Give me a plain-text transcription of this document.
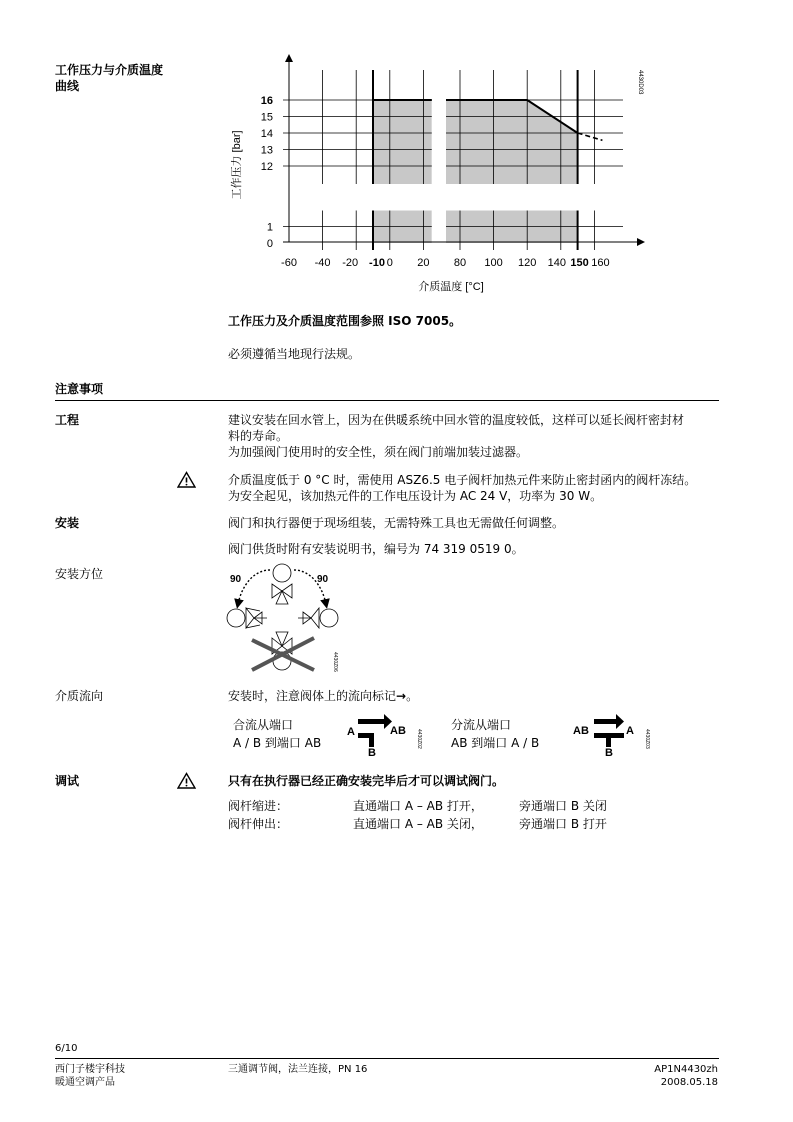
工作压力与介质温度
曲线
-60 -40 -20 -10 0 20 80 100 120 140 150 160
16
15
14
13
12
1
0
工作压力 [bar]
介质温度 [°C]
4430D03
工作压力及介质温度范围参照 ISO 7005。
必须遵循当地现行法规。
注意事项
工程	建议安装在回水管上，因为在供暖系统中回水管的温度较低，这样可以延长阀杆密封材
料的寿命。
为加强阀门使用时的安全性，须在阀门前端加装过滤器。
介质温度低于 0 °C 时，需使用 ASZ6.5 电子阀杆加热元件来防止密封函内的阀杆冻结。
为安全起见，该加热元件的工作电压设计为 AC 24 V，功率为 30 W。
安装	阀门和执行器便于现场组装，无需特殊工具也无需做任何调整。
阀门供货时附有安装说明书，编号为 74 319 0519 0。
安装方位	90	90
4430Z06
介质流向	安装时，注意阀体上的流向标记→。
合流从端口
A / B 到端口 AB
A	AB
B
4430Z02
分流从端口
AB 到端口 A / B
AB	A
B
4430Z03
调试	只有在执行器已经正确安装完毕后才可以调试阀门。
阀杆缩进：	直通端口 A – AB 打开，	旁通端口 B 关闭
阀杆伸出：	直通端口 A – AB 关闭，	旁通端口 B 打开
6/10
西门子楼宇科技
暖通空调产品
三通调节阀，法兰连接，PN 16	AP1N4430zh
2008.05.18
